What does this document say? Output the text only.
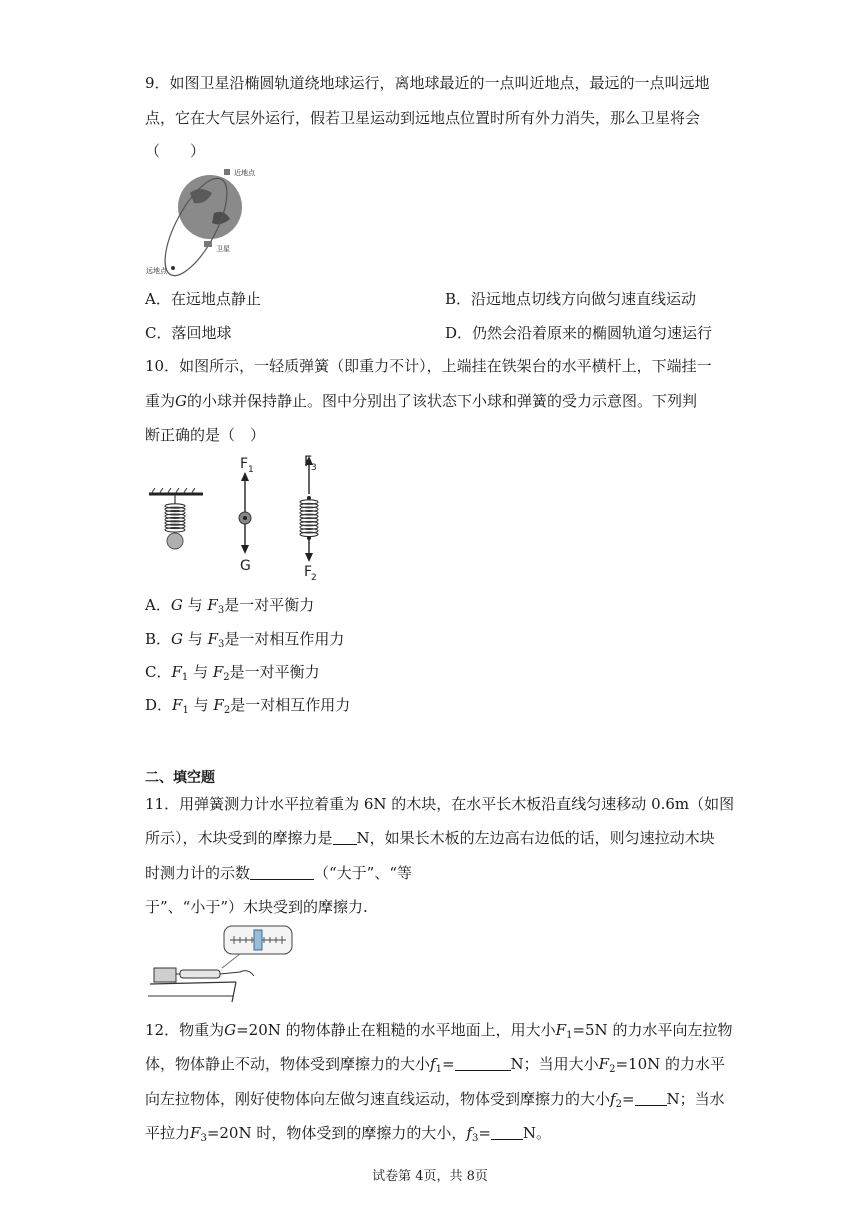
9．如图卫星沿椭圆轨道绕地球运行，离地球最近的一点叫近地点，最远的一点叫远地
点，它在大气层外运行，假若卫星运动到远地点位置时所有外力消失，那么卫星将会
（　　）
近地点
卫星
远地点
A．在远地点静止	B．沿远地点切线方向做匀速直线运动
C．落回地球	D．仍然会沿着原来的椭圆轨道匀速运行
10．如图所示，一轻质弹簧（即重力不计），上端挂在铁架台的水平横杆上，下端挂一
重为G的小球并保持静止。图中分别出了该状态下小球和弹簧的受力示意图。下列判
断正确的是（　）
F 1
G
F
3
F
2
A．G 与 $F_3$是一对平衡力
B．G 与 $F_3$是一对相互作用力
C．$F_1$ 与 $F_2$是一对平衡力
D．$F_1$ 与 $F_2$是一对相互作用力
二、填空题
11．用弹簧测力计水平拉着重为 6N 的木块，在水平长木板沿直线匀速移动 0.6m（如图
所示），木块受到的摩擦力是 N，如果长木板的左边高右边低的话，则匀速拉动木块
时测力计的示数	（“大于”、“等
于”、“小于”）木块受到的摩擦力.
12．物重为G=20N 的物体静止在粗糙的水平地面上，用大小$F_1=5N$ 的力水平向左拉物
体，物体静止不动，物体受到摩擦力的大小$f_1=$	N；当用大小$F_2=10N$ 的力水平
向左拉物体，刚好使物体向左做匀速直线运动，物体受到摩擦力的大小$f_2= N$；当水
平拉力$F_3=20N$ 时，物体受到的摩擦力的大小，$f_3= N$。
试卷第 4页，共 8页
